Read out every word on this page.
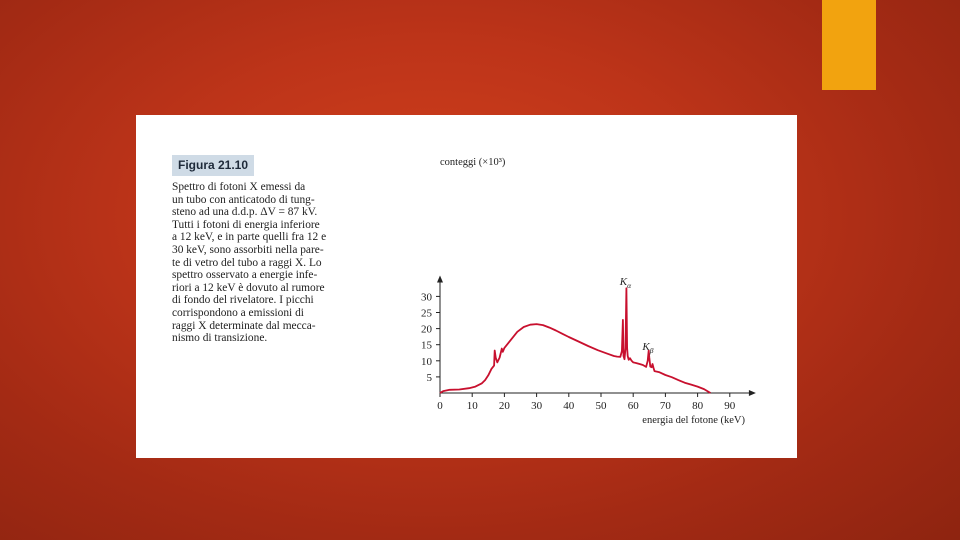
Figura 21.10
Spettro di fotoni X emessi da
un tubo con anticatodo di tung-
steno ad una d.d.p. ΔV = 87 kV.
Tutti i fotoni di energia inferiore
a 12 keV, e in parte quelli fra 12 e
30 keV, sono assorbiti nella pare-
te di vetro del tubo a raggi X. Lo
spettro osservato a energie infe-
riori a 12 keV è dovuto al rumore
di fondo del rivelatore. I picchi
corrispondono a emissioni di
raggi X determinate dal mecca-
nismo di transizione.
conteggi (×10³)
energia del fotone (keV)
0 10 20 30 40 50 60 70 80 90
5
10
15
20
25
30
$K_\alpha$
$K_\beta$
